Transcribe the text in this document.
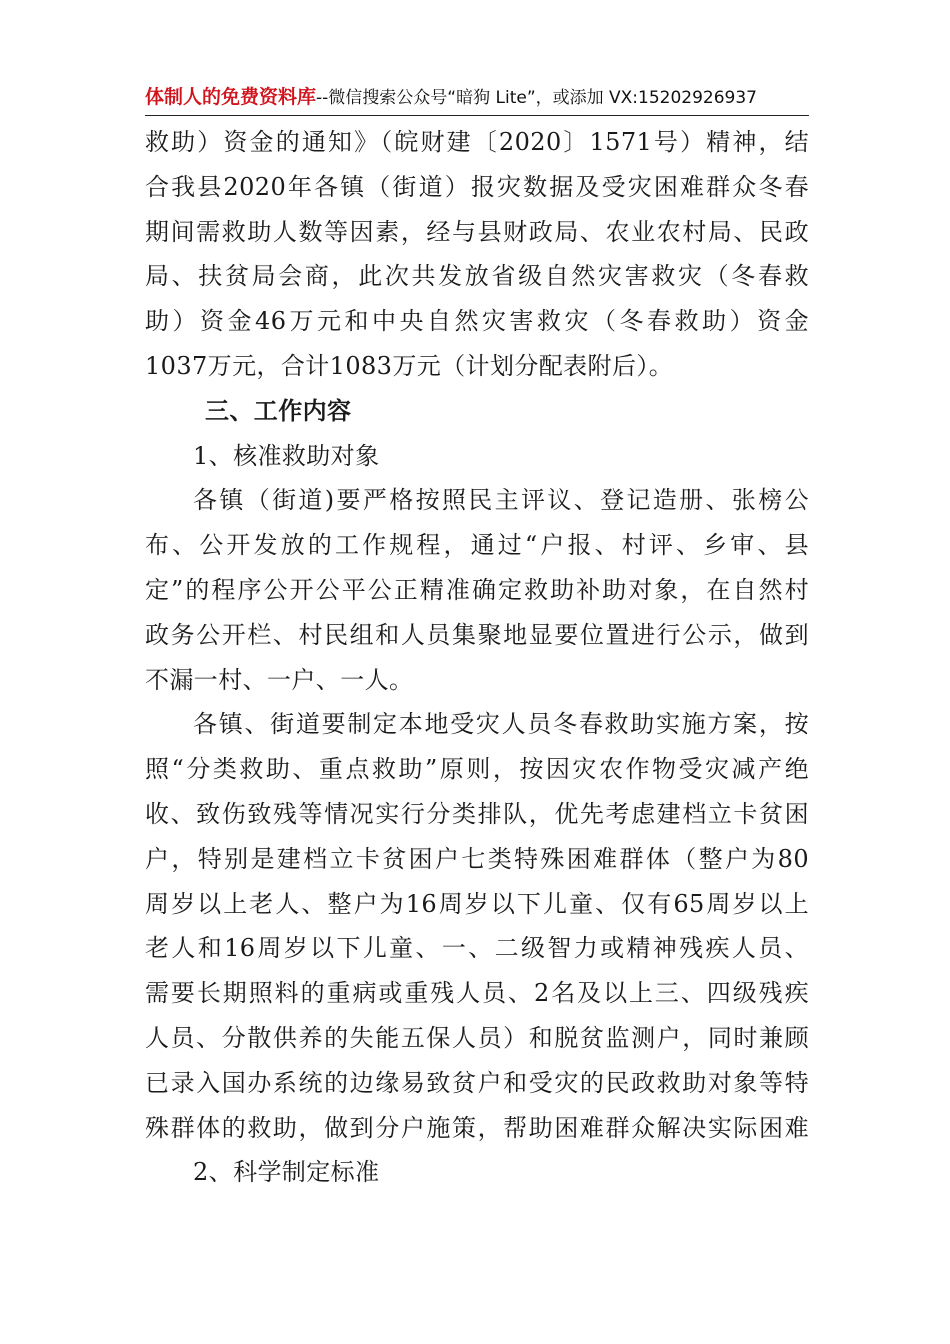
体制人的免费资料库--微信搜索公众号“暗狗 Lite”，或添加 VX:15202926937
救助）资金的通知》（皖财建〔2020〕1571号）精神，结
合我县2020年各镇（街道）报灾数据及受灾困难群众冬春
期间需救助人数等因素，经与县财政局、农业农村局、民政
局、扶贫局会商，此次共发放省级自然灾害救灾（冬春救
助）资金46万元和中央自然灾害救灾（冬春救助）资金
1037万元，合计1083万元（计划分配表附后）。
三、工作内容
1、核准救助对象
各镇（街道)要严格按照民主评议、登记造册、张榜公
布、公开发放的工作规程，通过“户报、村评、乡审、县
定”的程序公开公平公正精准确定救助补助对象，在自然村
政务公开栏、村民组和人员集聚地显要位置进行公示，做到
不漏一村、一户、一人。
各镇、街道要制定本地受灾人员冬春救助实施方案，按
照“分类救助、重点救助”原则，按因灾农作物受灾减产绝
收、致伤致残等情况实行分类排队，优先考虑建档立卡贫困
户，特别是建档立卡贫困户七类特殊困难群体（整户为80
周岁以上老人、整户为16周岁以下儿童、仅有65周岁以上
老人和16周岁以下儿童、一、二级智力或精神残疾人员、
需要长期照料的重病或重残人员、2名及以上三、四级残疾
人员、分散供养的失能五保人员）和脱贫监测户，同时兼顾
已录入国办系统的边缘易致贫户和受灾的民政救助对象等特
殊群体的救助，做到分户施策，帮助困难群众解决实际困难
2、科学制定标准
